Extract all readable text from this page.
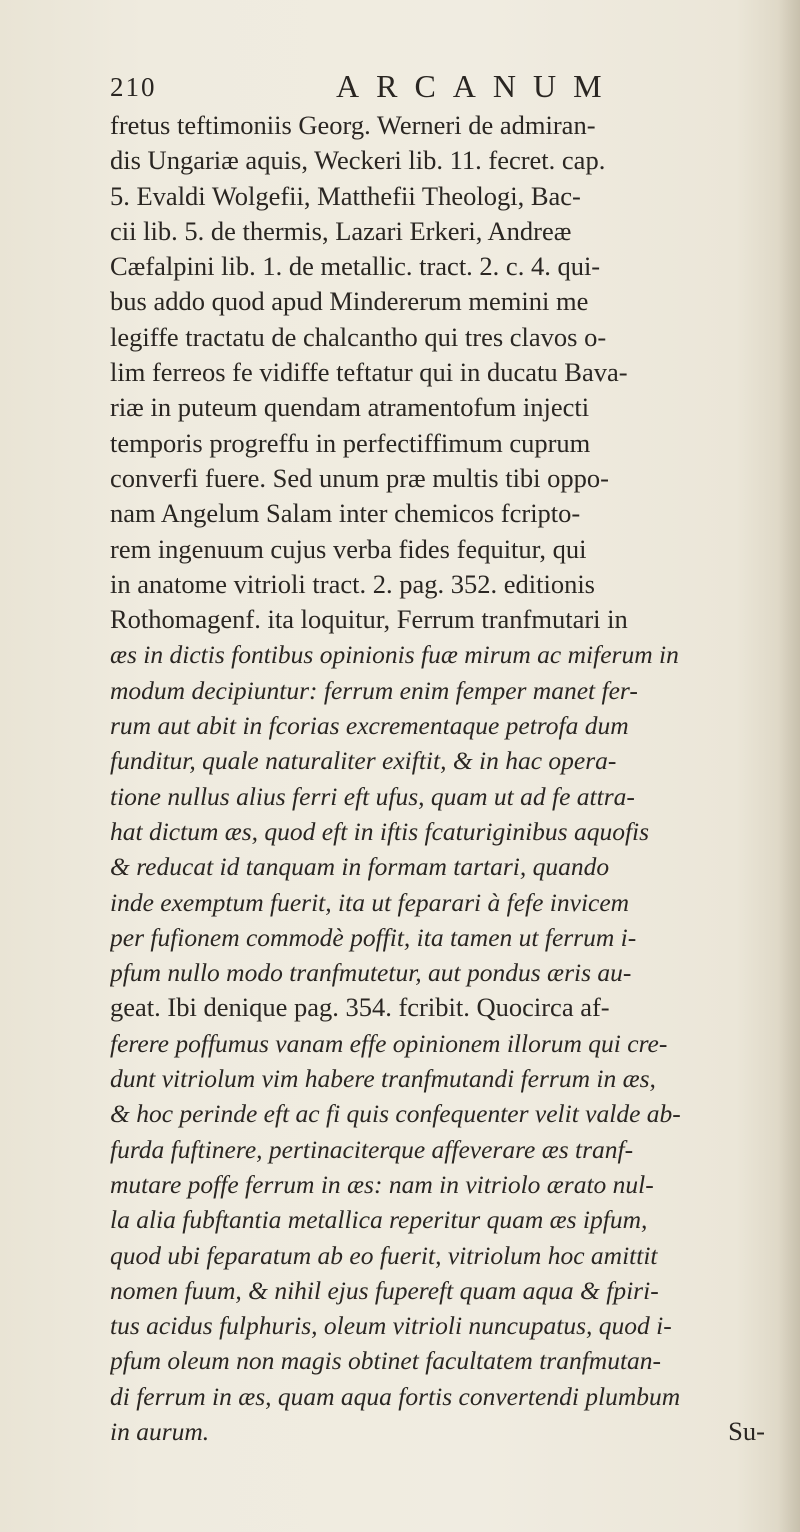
210	ARCANUM
fretus teftimoniis Georg. Werneri de admiran-
dis Ungariæ aquis, Weckeri lib. 11. fecret. cap.
5. Evaldi Wolgefii, Matthefii Theologi, Bac-
cii lib. 5. de thermis, Lazari Erkeri, Andreæ
Cæfalpini lib. 1. de metallic. tract. 2. c. 4. qui-
bus addo quod apud Mindererum memini me
legiffe tractatu de chalcantho qui tres clavos o-
lim ferreos fe vidiffe teftatur qui in ducatu Bava-
riæ in puteum quendam atramentofum injecti
temporis progreffu in perfectiffimum cuprum
converfi fuere. Sed unum præ multis tibi oppo-
nam Angelum Salam inter chemicos fcripto-
rem ingenuum cujus verba fides fequitur, qui
in anatome vitrioli tract. 2. pag. 352. editionis
Rothomagenf. ita loquitur, Ferrum tranfmutari in
æs in dictis fontibus opinionis fuæ mirum ac miferum in
modum decipiuntur: ferrum enim femper manet fer-
rum aut abit in fcorias excrementaque petrofa dum
funditur, quale naturaliter exiftit, & in hac opera-
tione nullus alius ferri eft ufus, quam ut ad fe attra-
hat dictum æs, quod eft in iftis fcaturiginibus aquofis
& reducat id tanquam in formam tartari, quando
inde exemptum fuerit, ita ut feparari à fefe invicem
per fufionem commodè poffit, ita tamen ut ferrum i-
pfum nullo modo tranfmutetur, aut pondus æris au-
geat. Ibi denique pag. 354. fcribit. Quocirca af-
ferere poffumus vanam effe opinionem illorum qui cre-
dunt vitriolum vim habere tranfmutandi ferrum in æs,
& hoc perinde eft ac fi quis confequenter velit valde ab-
furda fuftinere, pertinaciterque affeverare æs tranf-
mutare poffe ferrum in æs: nam in vitriolo ærato nul-
la alia fubftantia metallica reperitur quam æs ipfum,
quod ubi feparatum ab eo fuerit, vitriolum hoc amittit
nomen fuum, & nihil ejus fupereft quam aqua & fpiri-
tus acidus fulphuris, oleum vitrioli nuncupatus, quod i-
pfum oleum non magis obtinet facultatem tranfmutan-
di ferrum in æs, quam aqua fortis convertendi plumbum
in aurum.	Su-
